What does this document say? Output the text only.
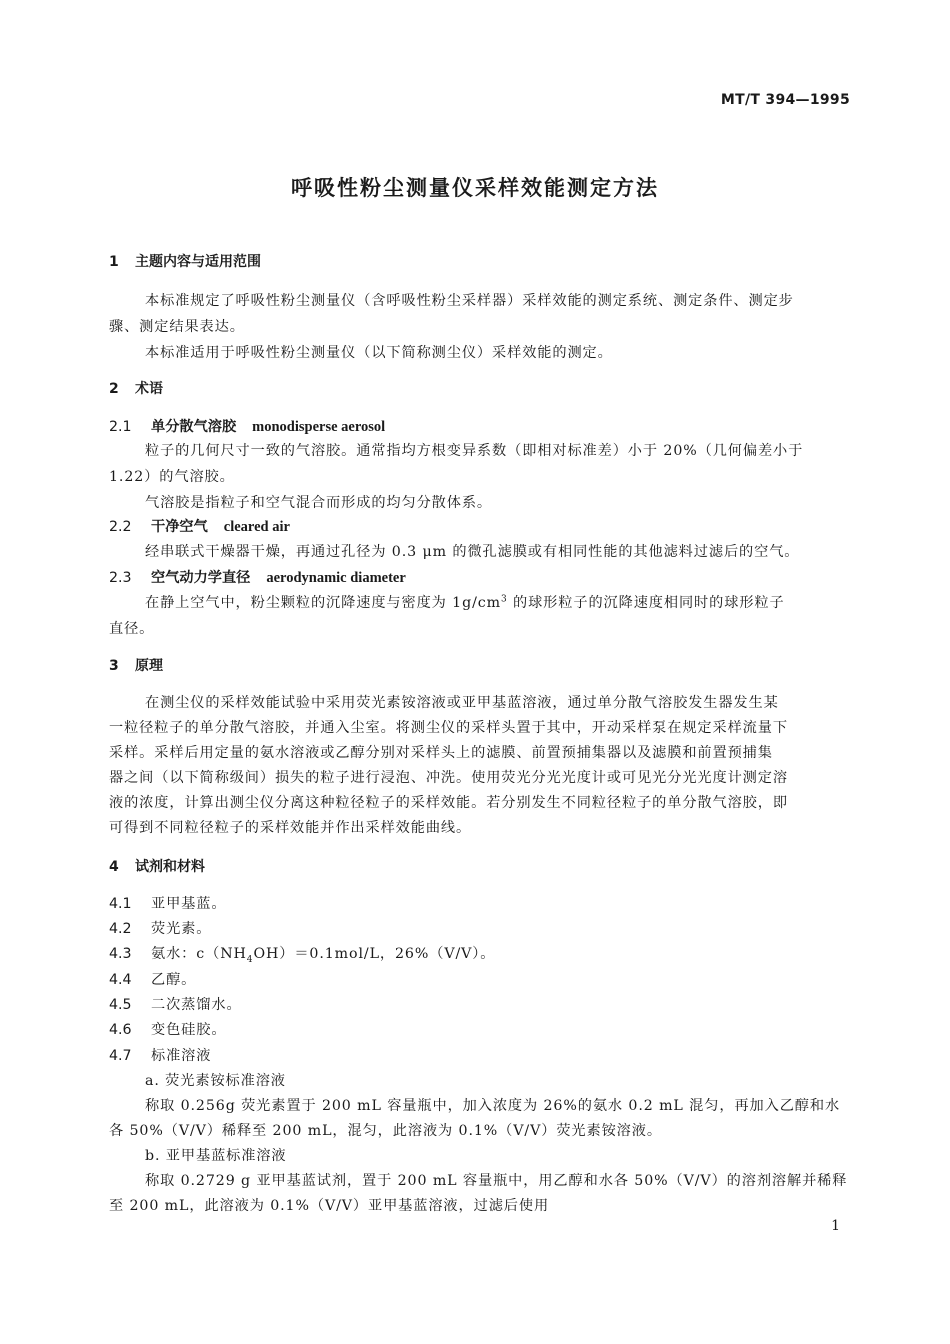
MT/T 394—1995
呼吸性粉尘测量仪采样效能测定方法
1 主题内容与适用范围
本标准规定了呼吸性粉尘测量仪（含呼吸性粉尘采样器）采样效能的测定系统、测定条件、测定步
骤、测定结果表达。
本标准适用于呼吸性粉尘测量仪（以下简称测尘仪）采样效能的测定。
2 术语
2.1 单分散气溶胶 monodisperse aerosol
粒子的几何尺寸一致的气溶胶。通常指均方根变异系数（即相对标准差）小于 20%（几何偏差小于
1.22）的气溶胶。
气溶胶是指粒子和空气混合而形成的均匀分散体系。
2.2 干净空气 cleared air
经串联式干燥器干燥，再通过孔径为 0.3 μm 的微孔滤膜或有相同性能的其他滤料过滤后的空气。
2.3 空气动力学直径 aerodynamic diameter
在静上空气中，粉尘颗粒的沉降速度与密度为 $1g/cm^3$ 的球形粒子的沉降速度相同时的球形粒子
直径。
3 原理
在测尘仪的采样效能试验中采用荧光素铵溶液或亚甲基蓝溶液，通过单分散气溶胶发生器发生某
一粒径粒子的单分散气溶胶，并通入尘室。将测尘仪的采样头置于其中，开动采样泵在规定采样流量下
采样。采样后用定量的氨水溶液或乙醇分别对采样头上的滤膜、前置预捕集器以及滤膜和前置预捕集
器之间（以下简称级间）损失的粒子进行浸泡、冲洗。使用荧光分光光度计或可见光分光光度计测定溶
液的浓度，计算出测尘仪分离这种粒径粒子的采样效能。若分别发生不同粒径粒子的单分散气溶胶，即
可得到不同粒径粒子的采样效能并作出采样效能曲线。
4 试剂和材料
4.1 亚甲基蓝。
4.2 荧光素。
4.3 氨水：$c(NH_4OH)=0.1mol/L$，26%（V/V）。
4.4 乙醇。
4.5 二次蒸馏水。
4.6 变色硅胶。
4.7 标准溶液
a. 荧光素铵标准溶液
称取 0.256g 荧光素置于 200 mL 容量瓶中，加入浓度为 26%的氨水 0.2 mL 混匀，再加入乙醇和水
各 50%（V/V）稀释至 200 mL，混匀，此溶液为 0.1%（V/V）荧光素铵溶液。
b. 亚甲基蓝标准溶液
称取 0.2729 g 亚甲基蓝试剂，置于 200 mL 容量瓶中，用乙醇和水各 50%（V/V）的溶剂溶解并稀释
至 200 mL，此溶液为 0.1%（V/V）亚甲基蓝溶液，过滤后使用
1
